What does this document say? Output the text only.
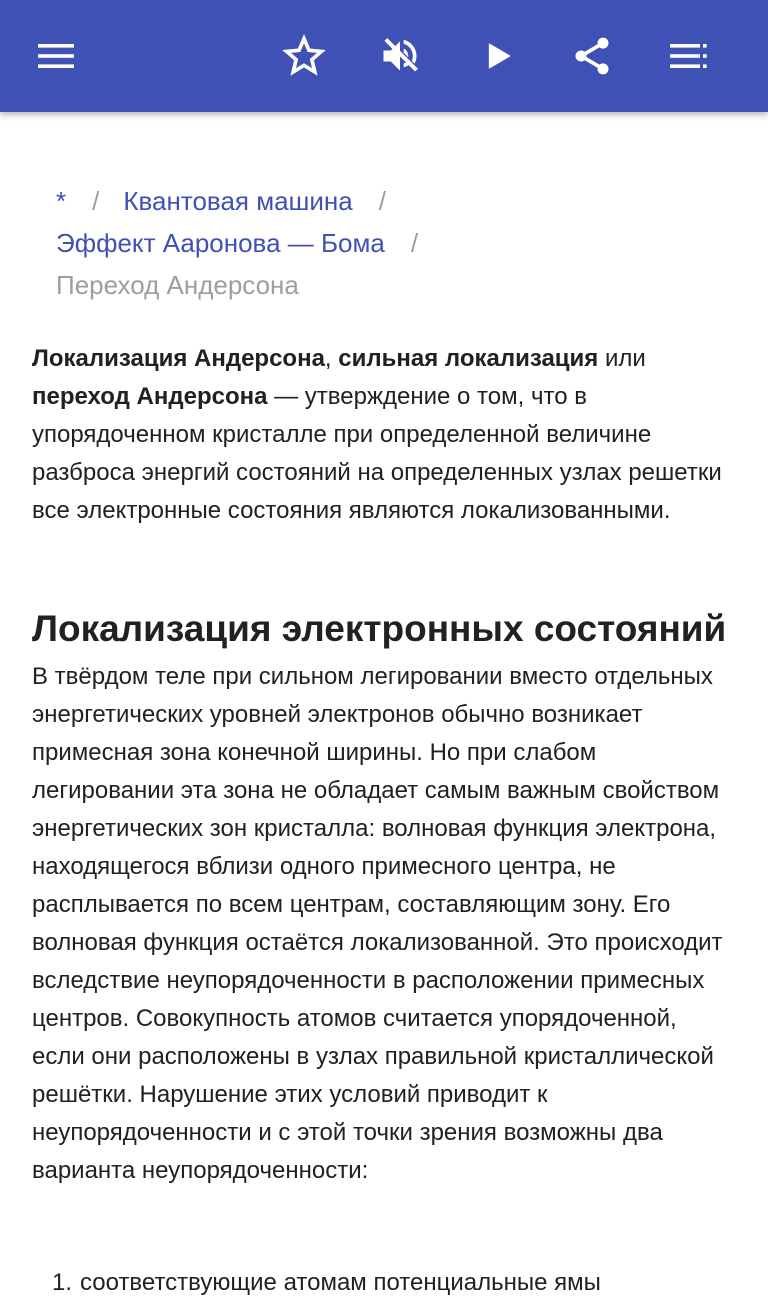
* / Квантовая машина /
Эффект Ааронова — Бома /
Переход Андерсона

Локализация Андерсона, сильная локализация или переход Андерсона — утверждение о том, что в упорядоченном кристалле при определенной величине разброса энергий состояний на определенных узлах решетки все электронные состояния являются локализованными.

Локализация электронных состояний

В твёрдом теле при сильном легировании вместо отдельных энергетических уровней электронов обычно возникает примесная зона конечной ширины. Но при слабом легировании эта зона не обладает самым важным свойством энергетических зон кристалла: волновая функция электрона, находящегося вблизи одного примесного центра, не расплывается по всем центрам, составляющим зону. Его волновая функция остаётся локализованной. Это происходит вследствие неупорядоченности в расположении примесных центров. Совокупность атомов считается упорядоченной, если они расположены в узлах правильной кристаллической решётки. Нарушение этих условий приводит к неупорядоченности и с этой точки зрения возможны два варианта неупорядоченности:

1. соответствующие атомам потенциальные ямы
